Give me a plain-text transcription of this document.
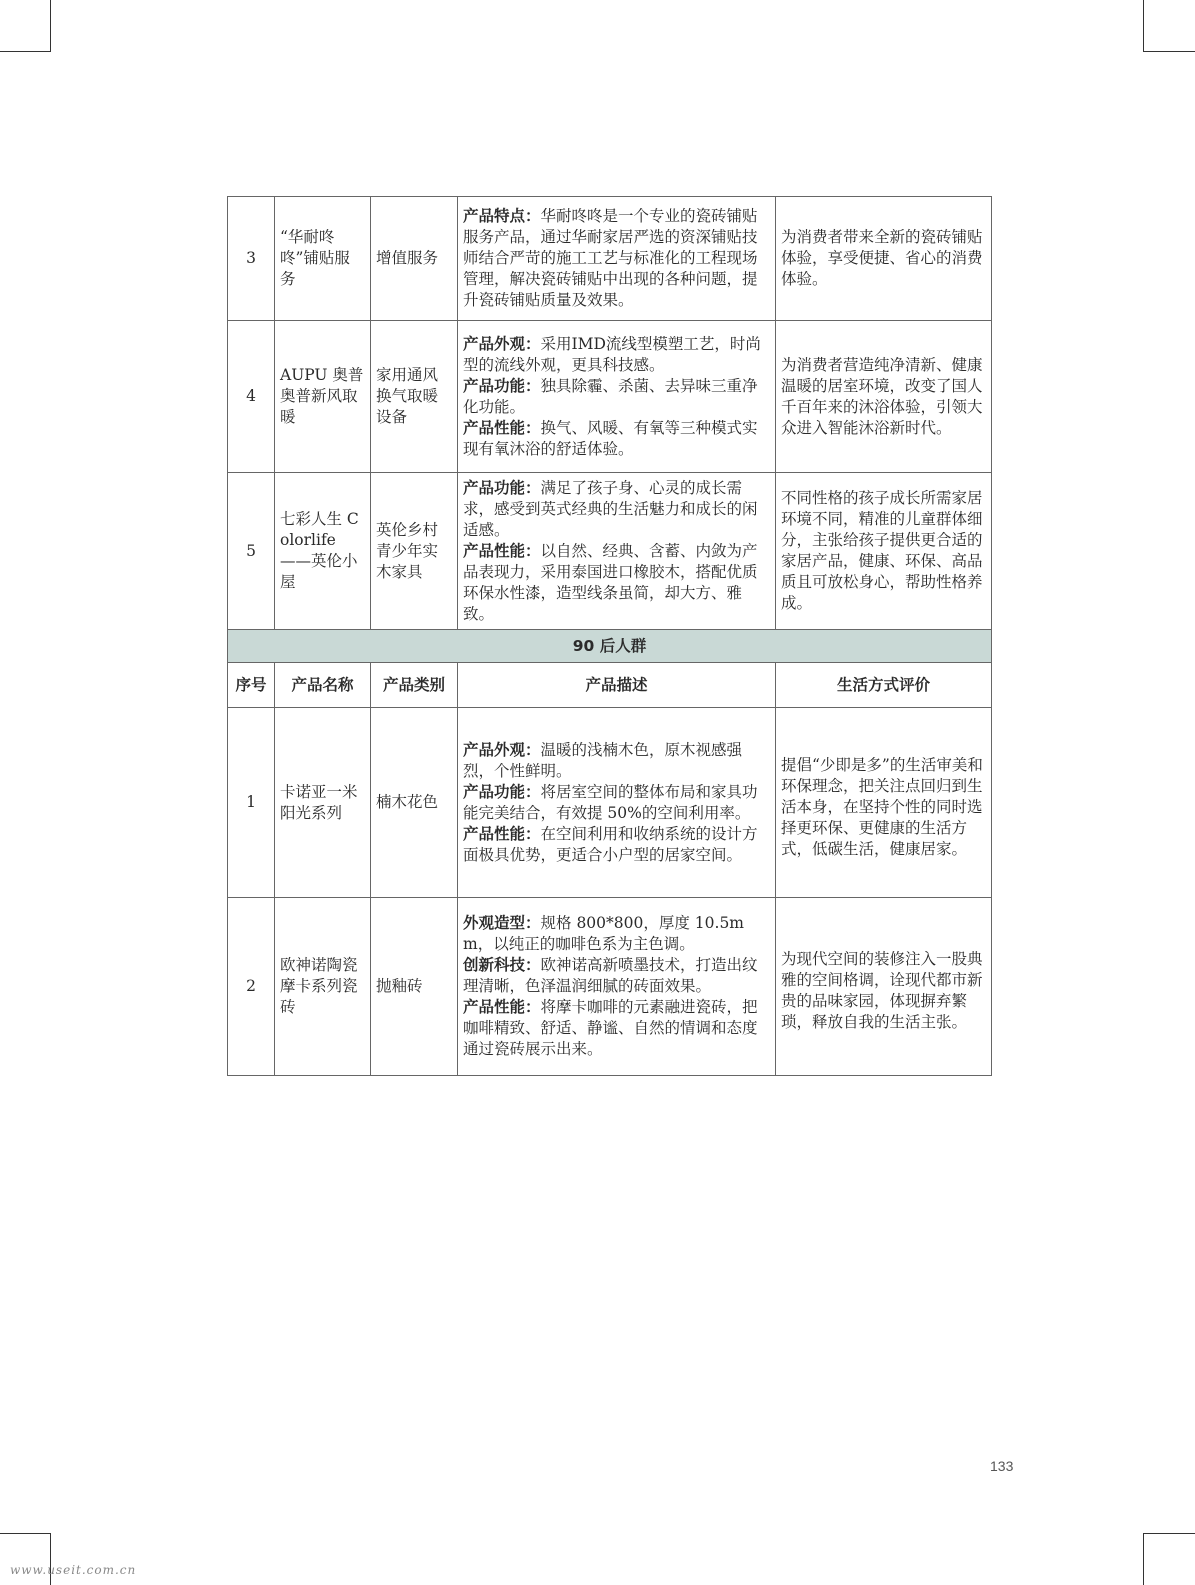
3	“华耐咚咚”铺贴服务	增值服务	产品特点：华耐咚咚是一个专业的瓷砖铺贴服务产品，通过华耐家居严选的资深铺贴技师结合严苛的施工工艺与标准化的工程现场管理，解决瓷砖铺贴中出现的各种问题，提升瓷砖铺贴质量及效果。	为消费者带来全新的瓷砖铺贴体验，享受便捷、省心的消费体验。

4	AUPU 奥普奥普新风取暖	家用通风换气取暖设备	产品外观：采用IMD流线型模塑工艺，时尚型的流线外观，更具科技感。

产品功能：独具除霾、杀菌、去异味三重净化功能。

产品性能：换气、风暖、有氧等三种模式实现有氧沐浴的舒适体验。	为消费者营造纯净清新、健康温暖的居室环境，改变了国人千百年来的沐浴体验，引领大众进入智能沐浴新时代。

5	七彩人生 Colorlife ——英伦小屋	英伦乡村青少年实木家具	产品功能：满足了孩子身、心灵的成长需求，感受到英式经典的生活魅力和成长的闲适感。

产品性能：以自然、经典、含蓄、内敛为产品表现力，采用泰国进口橡胶木，搭配优质环保水性漆，造型线条虽简，却大方、雅致。	不同性格的孩子成长所需家居环境不同，精准的儿童群体细分，主张给孩子提供更合适的家居产品，健康、环保、高品质且可放松身心，帮助性格养成。

90 后人群				
序号	产品名称	产品类别	产品描述	生活方式评价
1	卡诺亚一米阳光系列	楠木花色	产品外观：温暖的浅楠木色，原木视感强烈，个性鲜明。

产品功能：将居室空间的整体布局和家具功能完美结合，有效提 50%的空间利用率。

产品性能：在空间利用和收纳系统的设计方面极具优势，更适合小户型的居家空间。	提倡“少即是多”的生活审美和环保理念，把关注点回归到生活本身，在坚持个性的同时选择更环保、更健康的生活方式，低碳生活，健康居家。

2	欧神诺陶瓷摩卡系列瓷砖	抛釉砖	外观造型：规格 800*800，厚度 10.5mm，以纯正的咖啡色系为主色调。

创新科技：欧神诺高新喷墨技术，打造出纹理清晰，色泽温润细腻的砖面效果。

产品性能：将摩卡咖啡的元素融进瓷砖，把咖啡精致、舒适、静谧、自然的情调和态度通过瓷砖展示出来。	为现代空间的装修注入一股典雅的空间格调，诠现代都市新贵的品味家园，体现摒弃繁琐，释放自我的生活主张。

133
www.useit.com.cn
